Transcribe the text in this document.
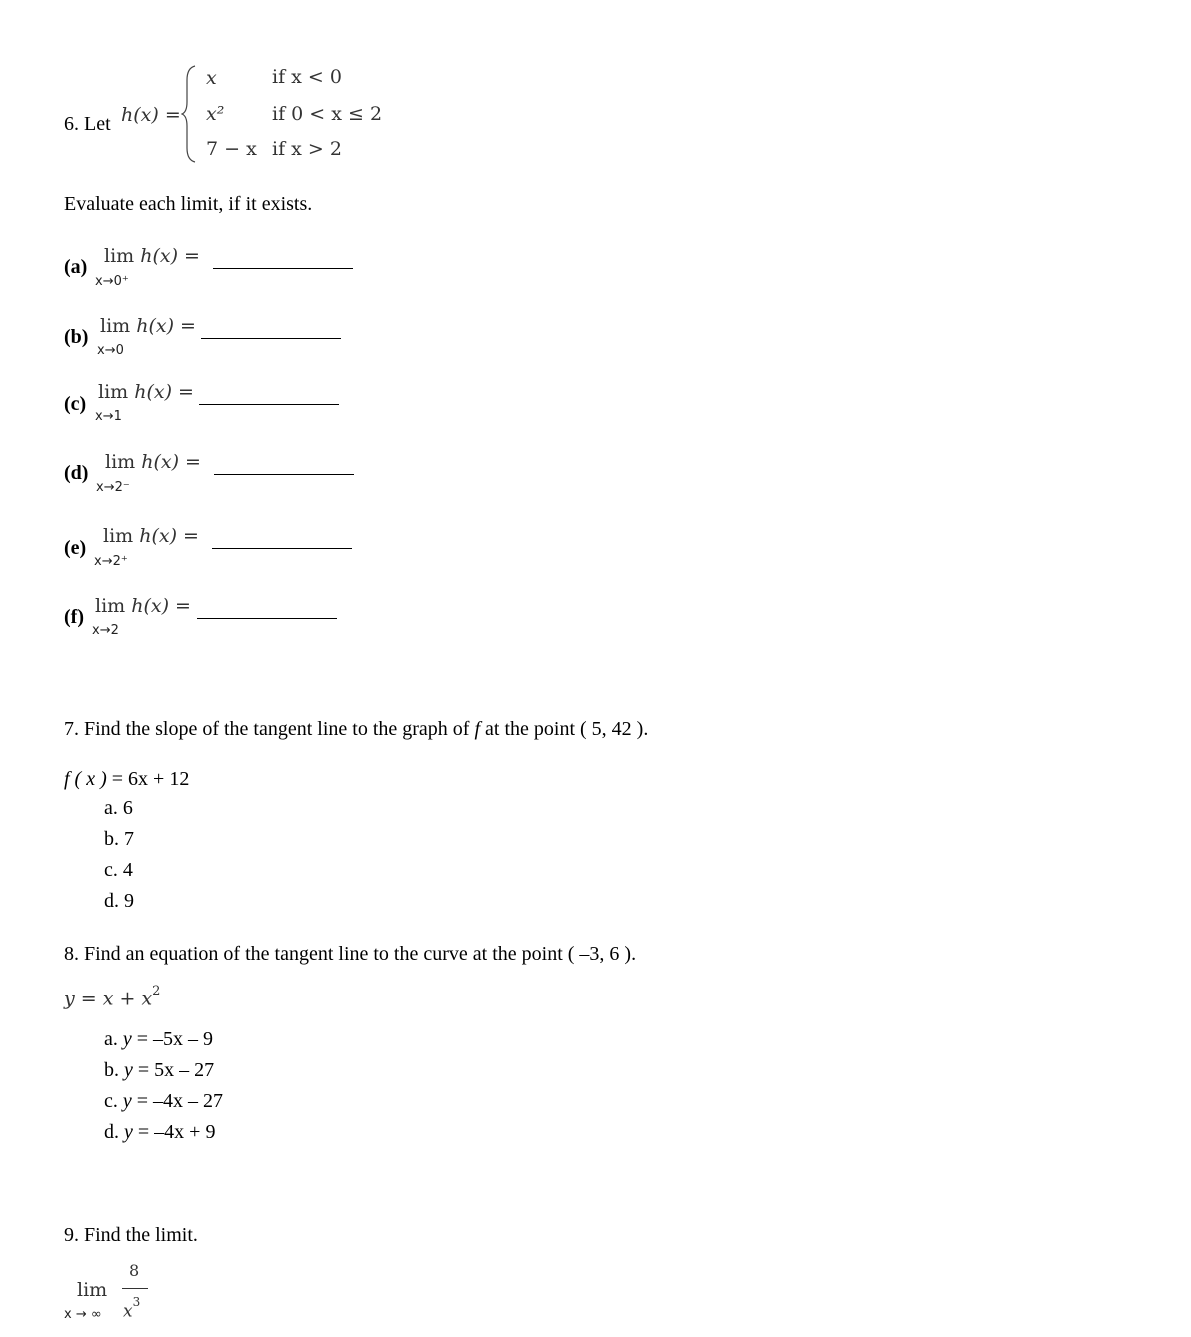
6. Let h(x) =
x	if x < 0
x²	if 0 < x ≤ 2
7 − x if x > 2
Evaluate each limit, if it exists.
(a) lim h(x) =
x→0⁺
(b) lim h(x) =
x→0
(c)
lim h(x) =
x→1
(d) lim h(x) =
x→2⁻
(e)
lim h(x) =
x→2⁺
(f) lim h(x) =
x→2
7. Find the slope of the tangent line to the graph of f at the point ( 5, 42 ).
f ( x ) = 6x + 12
a. 6
b. 7
c. 4
d. 9
8. Find an equation of the tangent line to the curve at the point ( –3, 6 ).
$y = x + x^2$
a. y = –5x – 9
b. y = 5x – 27
c. y = –4x – 27
d. y = –4x + 9
9. Find the limit.
lim
x → ∞
8
$x^3$
